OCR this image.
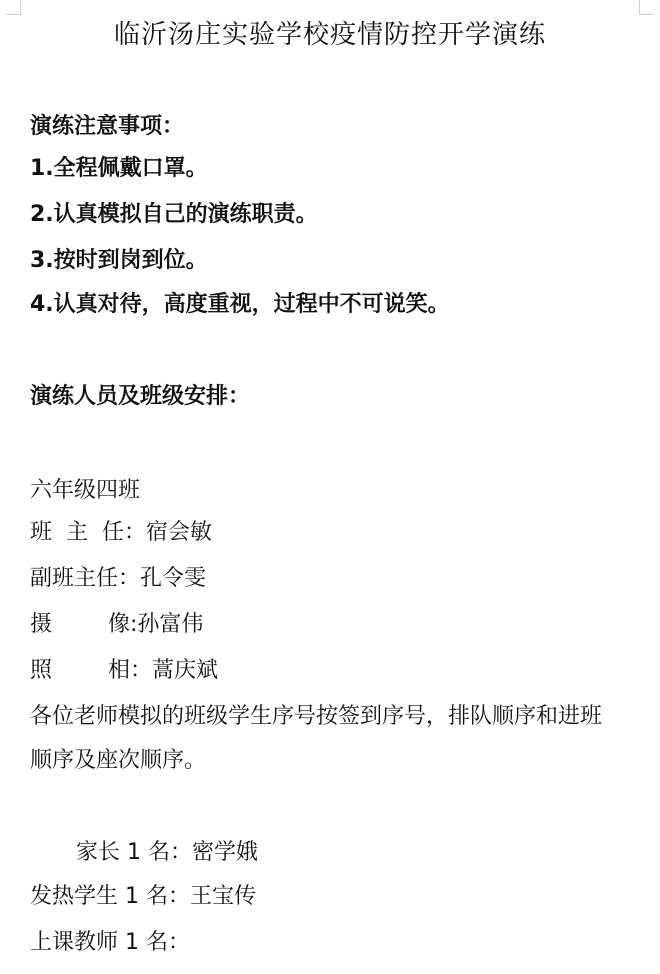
临沂汤庄实验学校疫情防控开学演练
演练注意事项：
1.全程佩戴口罩。
2.认真模拟自己的演练职责。
3.按时到岗到位。
4.认真对待，高度重视，过程中不可说笑。
演练人员及班级安排：
六年级四班
班  主  任：宿会敏
副班主任：孔令雯
摄        像:孙富伟
照        相：蒿庆斌
各位老师模拟的班级学生序号按签到序号，排队顺序和进班
顺序及座次顺序。
家长 1 名：密学娥
发热学生 1 名：王宝传
上课教师 1 名：
